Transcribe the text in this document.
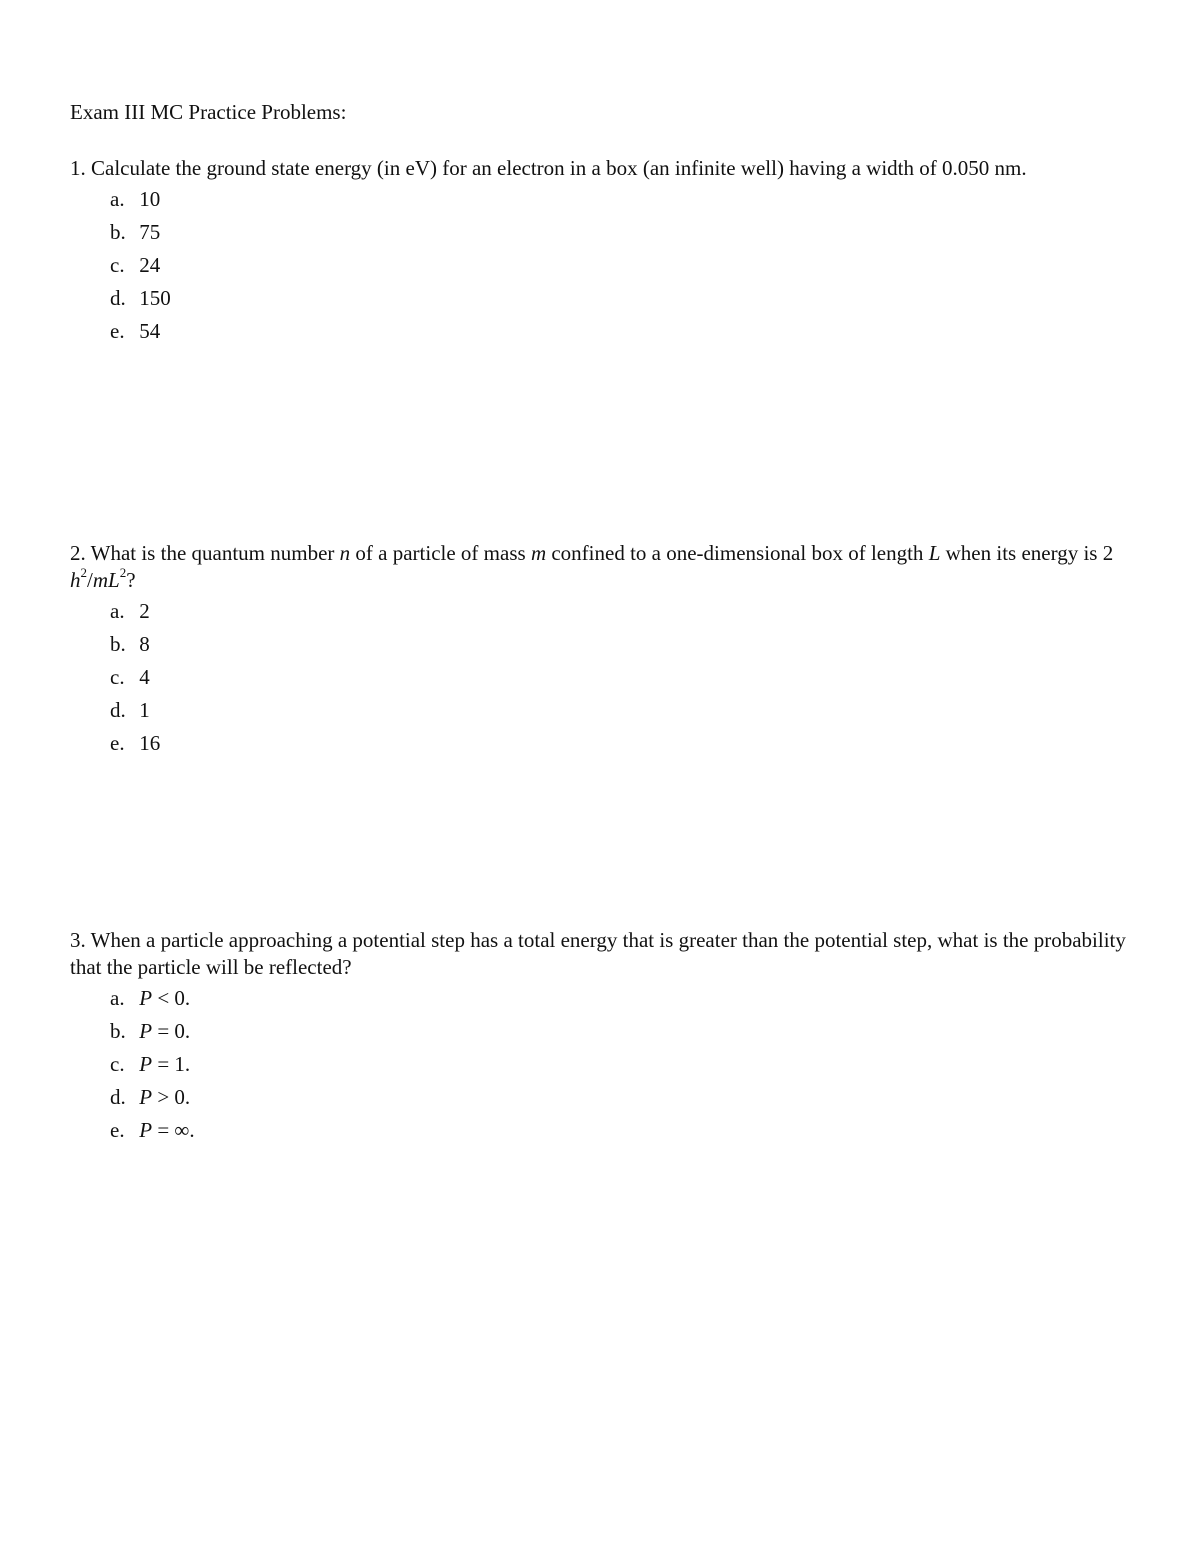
Exam III MC Practice Problems:

1. Calculate the ground state energy (in eV) for an electron in a box (an infinite well) having a width of 0.050 nm.

a. 10
b. 75
c. 24
d. 150
e. 54

2. What is the quantum number n of a particle of mass m confined to a one-dimensional box of length L when its energy is 2 $h^2/mL^2$?

a. 2
b. 8
c. 4
d. 1
e. 16

3. When a particle approaching a potential step has a total energy that is greater than the potential step, what is the probability that the particle will be reflected?

a. P < 0.
b. P = 0.
c. P = 1.
d. P > 0.
e. P = ∞.
